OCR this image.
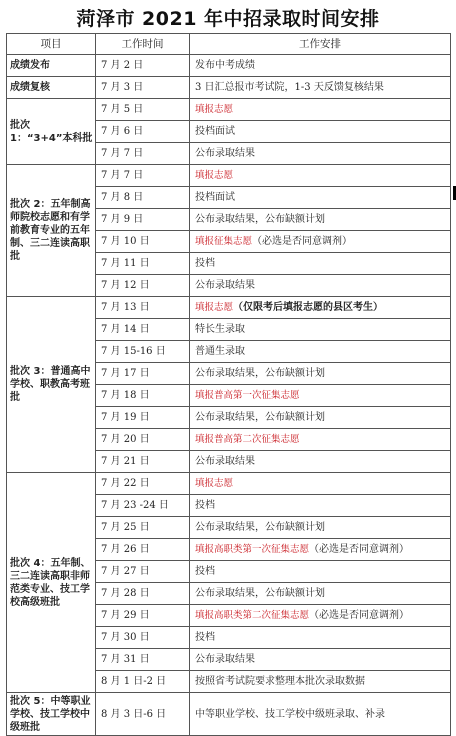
菏泽市 2021 年中招录取时间安排
项目	工作时间	工作安排
成绩发布	7 月 2 日	发布中考成绩
成绩复核	7 月 3 日	3 日汇总报市考试院，1-3 天反馈复核结果
批次 1：“3+4”本科批	7 月 5 日	填报志愿
	7 月 6 日	投档面试
	7 月 7 日	公布录取结果
批次 2：五年制高师院校志愿和有学前教育专业的五年制、三二连读高职批	7 月 7 日	填报志愿
	7 月 8 日	投档面试
	7 月 9 日	公布录取结果，公布缺额计划
	7 月 10 日	填报征集志愿（必选是否同意调剂）
	7 月 11 日	投档
	7 月 12 日	公布录取结果
批次 3：普通高中学校、职教高考班批	7 月 13 日	填报志愿（仅限考后填报志愿的县区考生）
	7 月 14 日	特长生录取
	7 月 15-16 日	普通生录取
	7 月 17 日	公布录取结果，公布缺额计划
	7 月 18 日	填报普高第一次征集志愿
	7 月 19 日	公布录取结果，公布缺额计划
	7 月 20 日	填报普高第二次征集志愿
	7 月 21 日	公布录取结果
批次 4：五年制、三二连读高职非师范类专业、技工学校高级班批	7 月 22 日	填报志愿
	7 月 23 -24 日	投档
	7 月 25 日	公布录取结果，公布缺额计划
	7 月 26 日	填报高职类第一次征集志愿（必选是否同意调剂）
	7 月 27 日	投档
	7 月 28 日	公布录取结果，公布缺额计划
	7 月 29 日	填报高职类第二次征集志愿（必选是否同意调剂）
	7 月 30 日	投档
	7 月 31 日	公布录取结果
	8 月 1 日-2 日	按照省考试院要求整理本批次录取数据
批次 5：中等职业学校、技工学校中级班批	8 月 3 日-6 日	中等职业学校、技工学校中级班录取、补录
